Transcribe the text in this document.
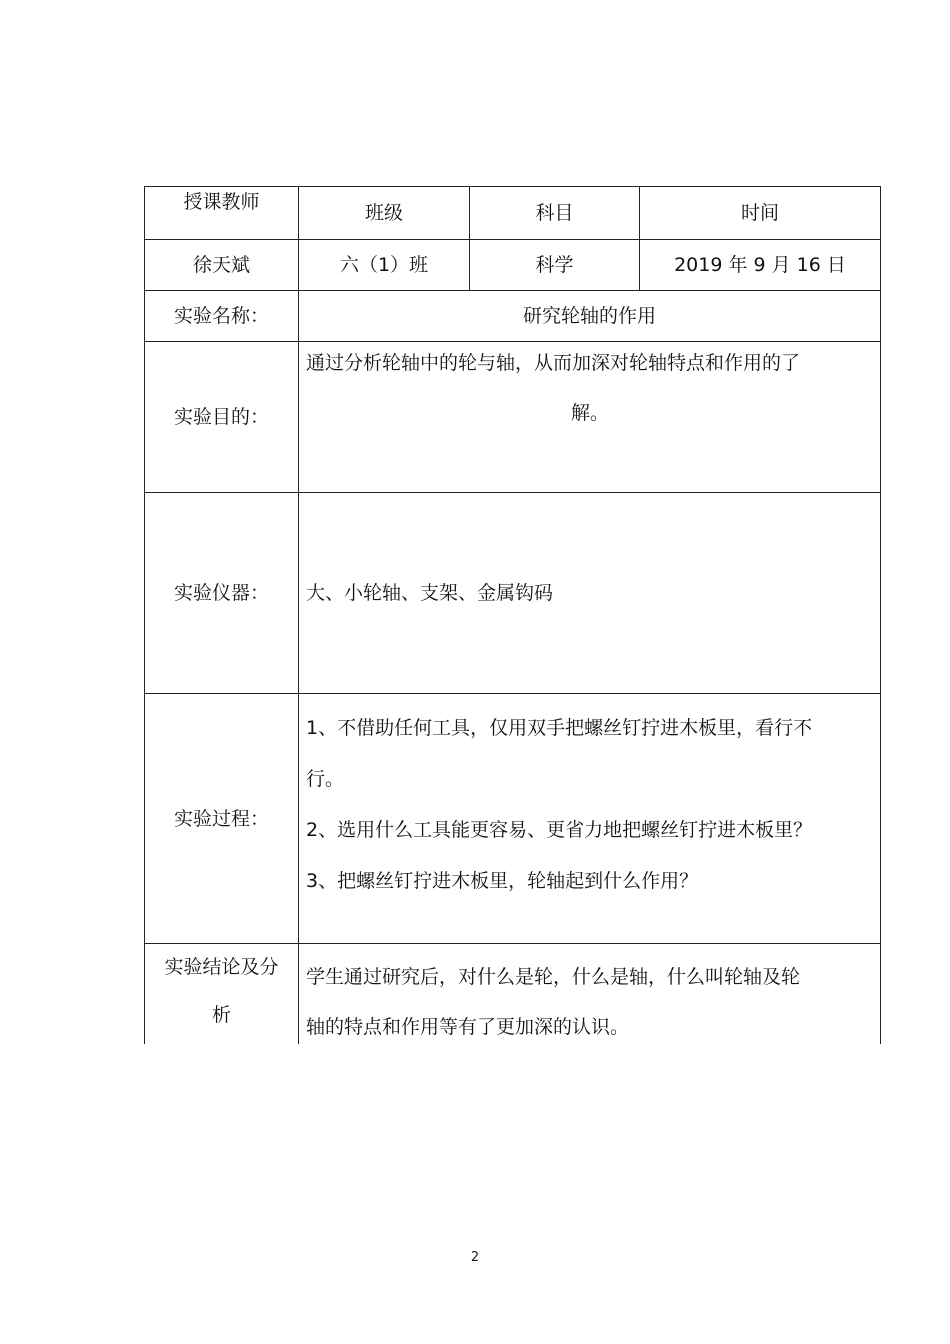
授课教师	班级	科目	时间
徐天斌	六（1）班	科学	2019 年 9 月 16 日
实验名称：	研究轮轴的作用		
实验目的：	通过分析轮轴中的轮与轴，从而加深对轮轴特点和作用的了
解。		

实验仪器：	大、小轮轴、支架、金属钩码		
实验过程：	1、不借助任何工具，仅用双手把螺丝钉拧进木板里，看行不
行。
2、选用什么工具能更容易、更省力地把螺丝钉拧进木板里？
3、把螺丝钉拧进木板里，轮轴起到什么作用？		

实验结论及分
析	学生通过研究后，对什么是轮，什么是轴，什么叫轮轴及轮
轴的特点和作用等有了更加深的认识。		
2
